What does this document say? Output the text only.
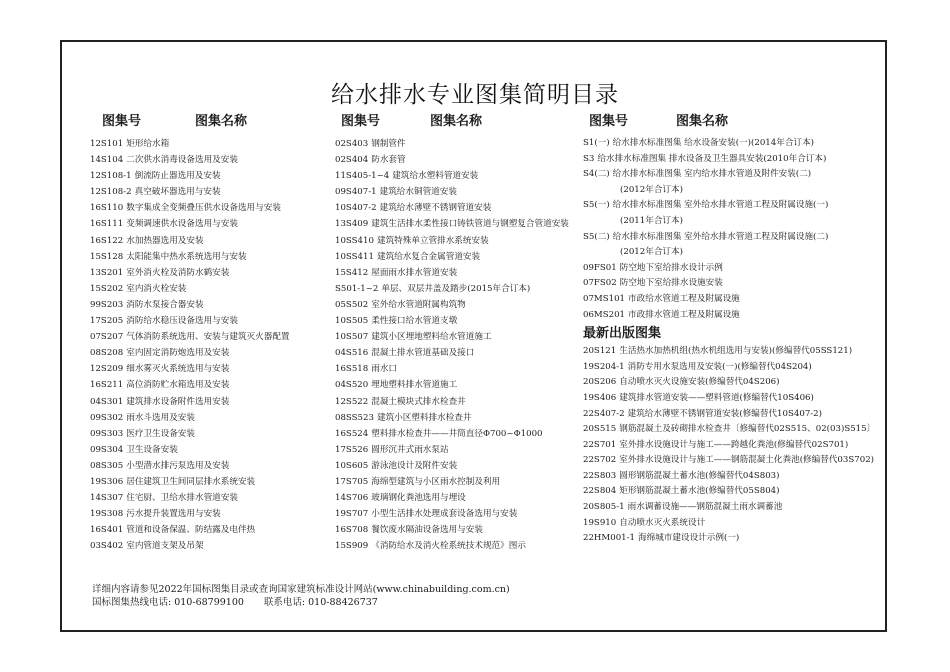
给水排水专业图集简明目录
图集号	图集名称
12S101 矩形给水箱
14S104 二次供水消毒设备选用及安装
12S108-1 倒流防止器选用及安装
12S108-2 真空破坏器选用与安装
16S110 数字集成全变频叠压供水设备选用与安装
16S111 变频调速供水设备选用与安装
16S122 水加热器选用及安装
15S128 太阳能集中热水系统选用与安装
13S201 室外消火栓及消防水鹤安装
15S202 室内消火栓安装
99S203 消防水泵接合器安装
17S205 消防给水稳压设备选用与安装
07S207 气体消防系统选用、安装与建筑灭火器配置
08S208 室内固定消防炮选用及安装
12S209 细水雾灭火系统选用与安装
16S211 高位消防贮水箱选用及安装
04S301 建筑排水设备附件选用安装
09S302 雨水斗选用及安装
09S303 医疗卫生设备安装
09S304 卫生设备安装
08S305 小型潜水排污泵选用及安装
19S306 居住建筑卫生间同层排水系统安装
14S307 住宅厨、卫给水排水管道安装
19S308 污水提升装置选用与安装
16S401 管道和设备保温、防结露及电伴热
03S402 室内管道支架及吊架
图集号	图集名称
02S403 钢制管件
02S404 防水套管
11S405-1~4 建筑给水塑料管道安装
09S407-1 建筑给水铜管道安装
10S407-2 建筑给水薄壁不锈钢管道安装
13S409 建筑生活排水柔性接口铸铁管道与钢塑复合管道安装
10SS410 建筑特殊单立管排水系统安装
10SS411 建筑给水复合金属管道安装
15S412 屋面雨水排水管道安装
S501-1~2 单层、双层井盖及踏步(2015年合订本)
05S502 室外给水管道附属构筑物
10S505 柔性接口给水管道支墩
10S507 建筑小区埋地塑料给水管道施工
04S516 混凝土排水管道基础及接口
16S518 雨水口
04S520 埋地塑料排水管道施工
12S522 混凝土模块式排水检查井
08SS523 建筑小区塑料排水检查井
16S524 塑料排水检查井——井筒直径Φ700~Φ1000
17S526 圆形沉井式雨水泵站
10S605 游泳池设计及附件安装
17S705 海绵型建筑与小区雨水控制及利用
14S706 玻璃钢化粪池选用与埋设
19S707 小型生活排水处理成套设备选用与安装
16S708 餐饮废水隔油设备选用与安装
15S909 《消防给水及消火栓系统技术规范》图示
图集号	图集名称
S1(一) 给水排水标准图集 给水设备安装(一)(2014年合订本)
S3 给水排水标准图集 排水设备及卫生器具安装(2010年合订本)
S4(二) 给水排水标准图集 室内给水排水管道及附件安装(二)
(2012年合订本)
S5(一) 给水排水标准图集 室外给水排水管道工程及附属设施(一)
(2011年合订本)
S5(二) 给水排水标准图集 室外给水排水管道工程及附属设施(二)
(2012年合订本)
09FS01 防空地下室给排水设计示例
07FS02 防空地下室给排水设施安装
07MS101 市政给水管道工程及附属设施
06MS201 市政排水管道工程及附属设施
最新出版图集
20S121 生活热水加热机组(热水机组选用与安装)(修编替代05SS121)
19S204-1 消防专用水泵选用及安装(一)(修编替代04S204)
20S206 自动喷水灭火设施安装(修编替代04S206)
19S406 建筑排水管道安装——塑料管道(修编替代10S406)
22S407-2 建筑给水薄壁不锈钢管道安装(修编替代10S407-2)
20S515 钢筋混凝土及砖砌排水检查井〔修编替代02S515、02(03)S515〕
22S701 室外排水设施设计与施工——跨越化粪池(修编替代02S701)
22S702 室外排水设施设计与施工——钢筋混凝土化粪池(修编替代03S702)
22S803 圆形钢筋混凝土蓄水池(修编替代04S803)
22S804 矩形钢筋混凝土蓄水池(修编替代05S804)
20S805-1 雨水调蓄设施——钢筋混凝土雨水调蓄池
19S910 自动喷水灭火系统设计
22HM001-1 海绵城市建设设计示例(一)
详细内容请参见2022年国标图集目录或查询国家建筑标准设计网站(www.chinabuilding.com.cn)
国标图集热线电话: 010-68799100 联系电话: 010-88426737
